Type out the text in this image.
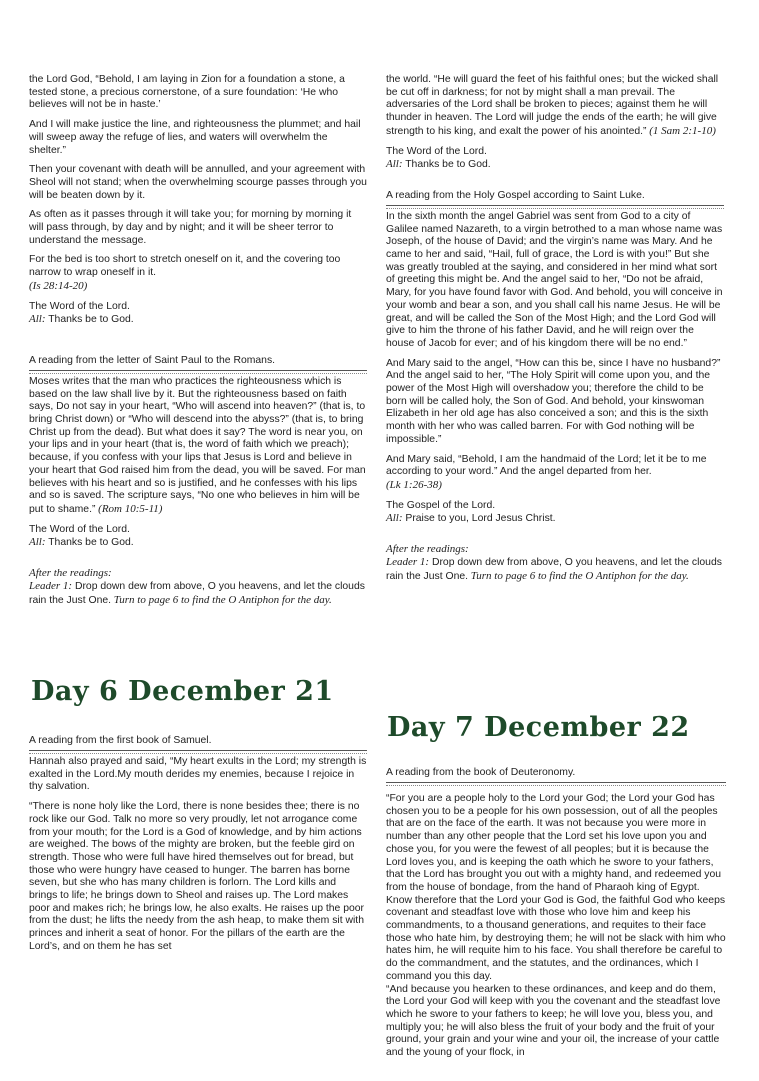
the Lord God, “Behold, I am laying in Zion for a foundation a stone, a tested stone, a precious cornerstone, of a sure foundation: ‘He who believes will not be in haste.’
And I will make justice the line, and righteousness the plummet; and hail will sweep away the refuge of lies, and waters will overwhelm the shelter.”
Then your covenant with death will be annulled, and your agreement with Sheol will not stand; when the overwhelming scourge passes through you will be beaten down by it.
As often as it passes through it will take you; for morning by morning it will pass through, by day and by night; and it will be sheer terror to understand the message.
For the bed is too short to stretch oneself on it, and the covering too narrow to wrap oneself in it.
(Is 28:14-20)
The Word of the Lord.
All: Thanks be to God.
A reading from the letter of Saint Paul to the Romans.
Moses writes that the man who practices the righteousness which is based on the law shall live by it. But the righteousness based on faith says, Do not say in your heart, “Who will ascend into heaven?” (that is, to bring Christ down) or “Who will descend into the abyss?” (that is, to bring Christ up from the dead). But what does it say? The word is near you, on your lips and in your heart (that is, the word of faith which we preach); because, if you confess with your lips that Jesus is Lord and believe in your heart that God raised him from the dead, you will be saved. For man believes with his heart and so is justified, and he confesses with his lips and so is saved. The scripture says, “No one who believes in him will be put to shame.” (Rom 10:5-11)
The Word of the Lord.
All: Thanks be to God.
After the readings:
Leader 1: Drop down dew from above, O you heavens, and let the clouds rain the Just One. Turn to page 6 to find the O Antiphon for the day.
Day 6 December 21
A reading from the first book of Samuel.
Hannah also prayed and said, “My heart exults in the Lord; my strength is exalted in the Lord.My mouth derides my enemies, because I rejoice in thy salvation.
“There is none holy like the Lord, there is none besides thee; there is no rock like our God. Talk no more so very proudly, let not arrogance come from your mouth; for the Lord is a God of knowledge, and by him actions are weighed. The bows of the mighty are broken, but the feeble gird on strength. Those who were full have hired themselves out for bread, but those who were hungry have ceased to hunger. The barren has borne seven, but she who has many children is forlorn. The Lord kills and brings to life; he brings down to Sheol and raises up. The Lord makes poor and makes rich; he brings low, he also exalts. He raises up the poor from the dust; he lifts the needy from the ash heap, to make them sit with princes and inherit a seat of honor. For the pillars of the earth are the Lord’s, and on them he has set
the world. “He will guard the feet of his faithful ones; but the wicked shall be cut off in darkness; for not by might shall a man prevail. The adversaries of the Lord shall be broken to pieces; against them he will thunder in heaven. The Lord will judge the ends of the earth; he will give strength to his king, and exalt the power of his anointed.” (1 Sam 2:1-10)
The Word of the Lord.
All: Thanks be to God.
A reading from the Holy Gospel according to Saint Luke.
In the sixth month the angel Gabriel was sent from God to a city of Galilee named Nazareth, to a virgin betrothed to a man whose name was Joseph, of the house of David; and the virgin’s name was Mary. And he came to her and said, “Hail, full of grace, the Lord is with you!” But she was greatly troubled at the saying, and considered in her mind what sort of greeting this might be. And the angel said to her, “Do not be afraid, Mary, for you have found favor with God. And behold, you will conceive in your womb and bear a son, and you shall call his name Jesus. He will be great, and will be called the Son of the Most High; and the Lord God will give to him the throne of his father David, and he will reign over the house of Jacob for ever; and of his kingdom there will be no end.”
And Mary said to the angel, “How can this be, since I have no husband?” And the angel said to her, “The Holy Spirit will come upon you, and the power of the Most High will overshadow you; therefore the child to be born will be called holy, the Son of God. And behold, your kinswoman Elizabeth in her old age has also conceived a son; and this is the sixth month with her who was called barren. For with God nothing will be impossible.”
And Mary said, “Behold, I am the handmaid of the Lord; let it be to me according to your word.” And the angel departed from her.
(Lk 1:26-38)
The Gospel of the Lord.
All: Praise to you, Lord Jesus Christ.
After the readings:
Leader 1: Drop down dew from above, O you heavens, and let the clouds rain the Just One. Turn to page 6 to find the O Antiphon for the day.
Day 7 December 22
A reading from the book of Deuteronomy.
“For you are a people holy to the Lord your God; the Lord your God has chosen you to be a people for his own possession, out of all the peoples that are on the face of the earth. It was not because you were more in number than any other people that the Lord set his love upon you and chose you, for you were the fewest of all peoples; but it is because the Lord loves you, and is keeping the oath which he swore to your fathers, that the Lord has brought you out with a mighty hand, and redeemed you from the house of bondage, from the hand of Pharaoh king of Egypt. Know therefore that the Lord your God is God, the faithful God who keeps covenant and steadfast love with those who love him and keep his commandments, to a thousand generations, and requites to their face those who hate him, by destroying them; he will not be slack with him who hates him, he will requite him to his face. You shall therefore be careful to do the commandment, and the statutes, and the ordinances, which I command you this day.
“And because you hearken to these ordinances, and keep and do them, the Lord your God will keep with you the covenant and the steadfast love which he swore to your fathers to keep; he will love you, bless you, and multiply you; he will also bless the fruit of your body and the fruit of your ground, your grain and your wine and your oil, the increase of your cattle and the young of your flock, in
